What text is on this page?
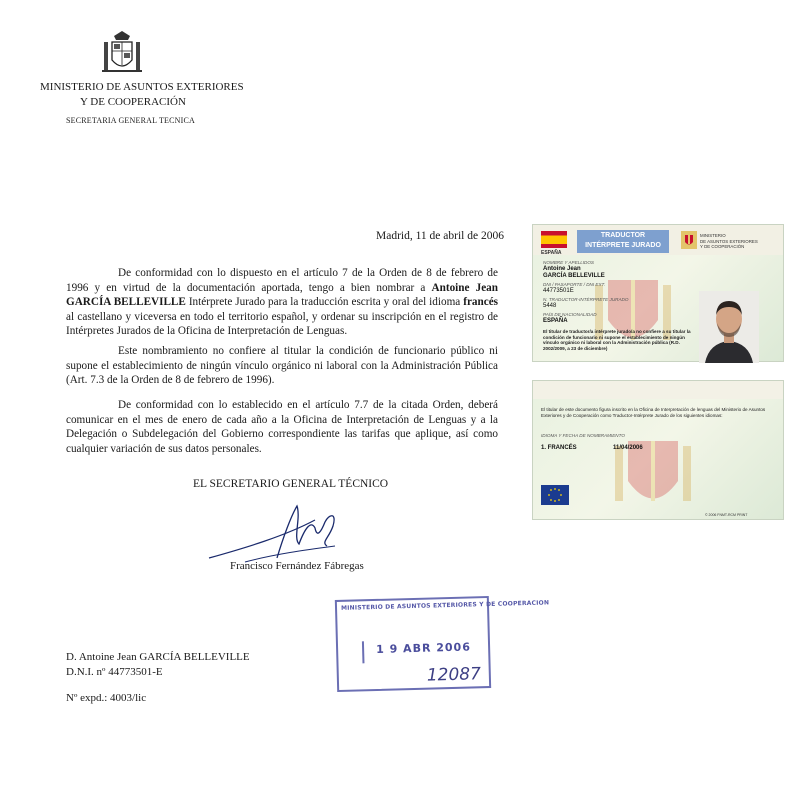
MINISTERIO DE ASUNTOS EXTERIORES
Y DE COOPERACIÓN
SECRETARIA GENERAL TECNICA
Madrid, 11 de abril de 2006

De conformidad con lo dispuesto en el artículo 7 de la Orden de 8 de febrero de 1996 y en virtud de la documentación aportada, tengo a bien nombrar a Antoine Jean GARCÍA BELLEVILLE Intérprete Jurado para la traducción escrita y oral del idioma francés al castellano y viceversa en todo el territorio español, y ordenar su inscripción en el registro de Intérpretes Jurados de la Oficina de Interpretación de Lenguas.

Este nombramiento no confiere al titular la condición de funcionario público ni supone el establecimiento de ningún vínculo orgánico ni laboral con la Administración Pública (Art. 7.3 de la Orden de 8 de febrero de 1996).

De conformidad con lo establecido en el artículo 7.7 de la citada Orden, deberá comunicar en el mes de enero de cada año a la Oficina de Interpretación de Lenguas y a la Delegación o Subdelegación del Gobierno correspondiente las tarifas que aplique, así como cualquier variación de sus datos personales.

EL SECRETARIO GENERAL TÉCNICO
Francisco Fernández Fábregas
MINISTERIO DE ASUNTOS EXTERIORES Y DE COOPERACION
1 9 ABR 2006
12087
D. Antoine Jean GARCÍA BELLEVILLE
D.N.I. nº 44773501-E
Nº expd.: 4003/lic
ESPAÑA
TRADUCTOR
INTÉRPRETE JURADO
MINISTERIO
DE ASUNTOS EXTERIORES
Y DE COOPERACIÓN
NOMBRE Y APELLIDOS
Antoine Jean
GARCÍA BELLEVILLE
DNI / PASAPORTE / DNI EXT.
44773501E
N. TRADUCTOR-INTÉRPRETE JURADO
5448
PAÍS DE NACIONALIDAD
ESPAÑA
El titular de traductor/a intérprete jurado/a no confiere a su titular la condición de funcionario ni supone el establecimiento de ningún vínculo orgánico ni laboral con la Administración pública (R.D. 2002/2009, a 23 de diciembre)
El titular de este documento figura inscrito en la Oficina de Interpretación de lenguas del Ministerio de Asuntos Exteriores y de Cooperación como Traductor-Intérprete Jurado de los siguientes idiomas:
IDIOMA Y FECHA DE NOMBRAMIENTO
1. FRANCÉS	11/04/2006
© 2006 FNMT-RCM PRINT
